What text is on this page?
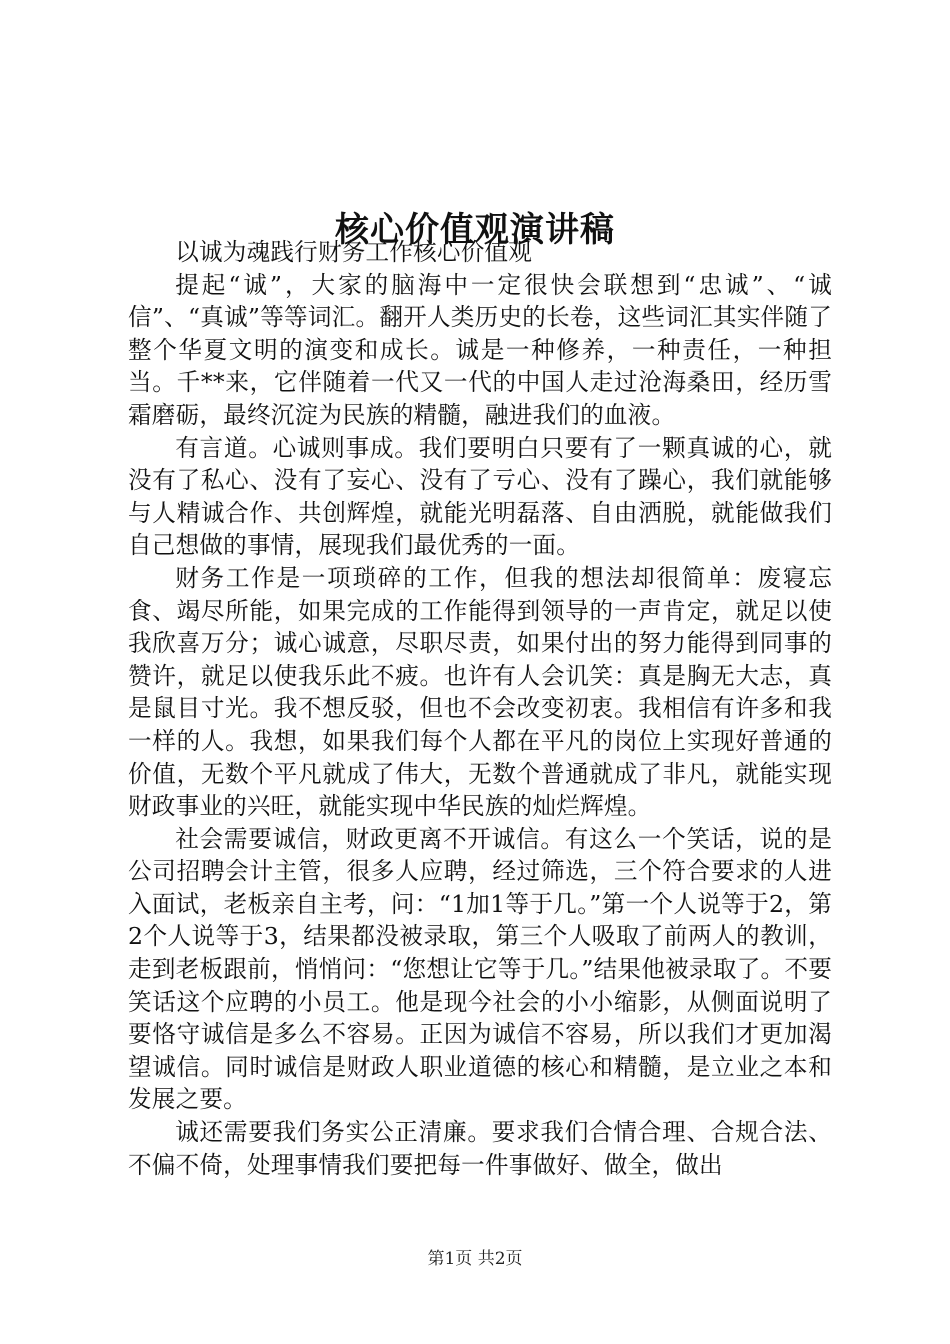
核心价值观演讲稿

以诚为魂践行财务工作核心价值观

提起“诚”，大家的脑海中一定很快会联想到“忠诚”、“诚信”、“真诚”等等词汇。翻开人类历史的长卷，这些词汇其实伴随了整个华夏文明的演变和成长。诚是一种修养，一种责任，一种担当。千**来，它伴随着一代又一代的中国人走过沧海桑田，经历雪霜磨砺，最终沉淀为民族的精髓，融进我们的血液。

有言道。心诚则事成。我们要明白只要有了一颗真诚的心，就没有了私心、没有了妄心、没有了亏心、没有了躁心，我们就能够与人精诚合作、共创辉煌，就能光明磊落、自由洒脱，就能做我们自己想做的事情，展现我们最优秀的一面。

财务工作是一项琐碎的工作，但我的想法却很简单：废寝忘食、竭尽所能，如果完成的工作能得到领导的一声肯定，就足以使我欣喜万分；诚心诚意，尽职尽责，如果付出的努力能得到同事的赞许，就足以使我乐此不疲。也许有人会讥笑：真是胸无大志，真是鼠目寸光。我不想反驳，但也不会改变初衷。我相信有许多和我一样的人。我想，如果我们每个人都在平凡的岗位上实现好普通的价值，无数个平凡就成了伟大，无数个普通就成了非凡，就能实现财政事业的兴旺，就能实现中华民族的灿烂辉煌。

社会需要诚信，财政更离不开诚信。有这么一个笑话，说的是公司招聘会计主管，很多人应聘，经过筛选，三个符合要求的人进入面试，老板亲自主考，问：“1加1等于几。”第一个人说等于2，第2个人说等于3，结果都没被录取，第三个人吸取了前两人的教训，走到老板跟前，悄悄问：“您想让它等于几。”结果他被录取了。不要笑话这个应聘的小员工。他是现今社会的小小缩影，从侧面说明了要恪守诚信是多么不容易。正因为诚信不容易，所以我们才更加渴望诚信。同时诚信是财政人职业道德的核心和精髓，是立业之本和发展之要。

诚还需要我们务实公正清廉。要求我们合情合理、合规合法、不偏不倚，处理事情我们要把每一件事做好、做全，做出

第1页 共2页
